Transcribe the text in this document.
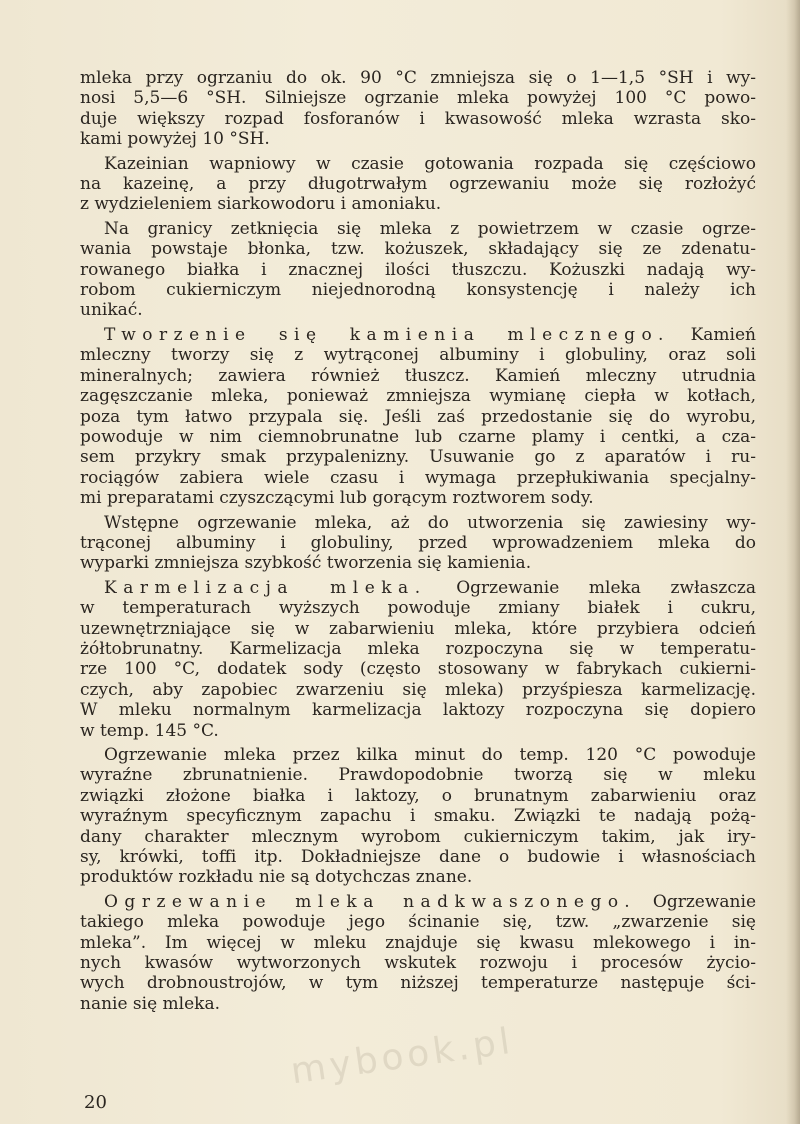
mleka przy ogrzaniu do ok. 90 °C zmniejsza się o 1—1,5 °SH i wy-
nosi 5,5—6 °SH. Silniejsze ogrzanie mleka powyżej 100 °C powo-
duje większy rozpad fosforanów i kwasowość mleka wzrasta sko-
kami powyżej 10 °SH.
Kazeinian wapniowy w czasie gotowania rozpada się częściowo
na kazeinę, a przy długotrwałym ogrzewaniu może się rozłożyć
z wydzieleniem siarkowodoru i amoniaku.
Na granicy zetknięcia się mleka z powietrzem w czasie ogrze-
wania powstaje błonka, tzw. kożuszek, składający się ze zdenatu-
rowanego białka i znacznej ilości tłuszczu. Kożuszki nadają wy-
robom cukierniczym niejednorodną konsystencję i należy ich
unikać.
Tworzenie się kamienia mlecznego. Kamień
mleczny tworzy się z wytrąconej albuminy i globuliny, oraz soli
mineralnych; zawiera również tłuszcz. Kamień mleczny utrudnia
zagęszczanie mleka, ponieważ zmniejsza wymianę ciepła w kotłach,
poza tym łatwo przypala się. Jeśli zaś przedostanie się do wyrobu,
powoduje w nim ciemnobrunatne lub czarne plamy i centki, a cza-
sem przykry smak przypalenizny. Usuwanie go z aparatów i ru-
rociągów zabiera wiele czasu i wymaga przepłukiwania specjalny-
mi preparatami czyszczącymi lub gorącym roztworem sody.
Wstępne ogrzewanie mleka, aż do utworzenia się zawiesiny wy-
trąconej albuminy i globuliny, przed wprowadzeniem mleka do
wyparki zmniejsza szybkość tworzenia się kamienia.
Karmelizacja mleka. Ogrzewanie mleka zwłaszcza
w temperaturach wyższych powoduje zmiany białek i cukru,
uzewnętrzniające się w zabarwieniu mleka, które przybiera odcień
żółtobrunatny. Karmelizacja mleka rozpoczyna się w temperatu-
rze 100 °C, dodatek sody (często stosowany w fabrykach cukierni-
czych, aby zapobiec zwarzeniu się mleka) przyśpiesza karmelizację.
W mleku normalnym karmelizacja laktozy rozpoczyna się dopiero
w temp. 145 °C.
Ogrzewanie mleka przez kilka minut do temp. 120 °C powoduje
wyraźne zbrunatnienie. Prawdopodobnie tworzą się w mleku
związki złożone białka i laktozy, o brunatnym zabarwieniu oraz
wyraźnym specyficznym zapachu i smaku. Związki te nadają pożą-
dany charakter mlecznym wyrobom cukierniczym takim, jak iry-
sy, krówki, toffi itp. Dokładniejsze dane o budowie i własnościach
produktów rozkładu nie są dotychczas znane.
Ogrzewanie mleka nadkwaszonego. Ogrzewanie
takiego mleka powoduje jego ścinanie się, tzw. „zwarzenie się
mleka”. Im więcej w mleku znajduje się kwasu mlekowego i in-
nych kwasów wytworzonych wskutek rozwoju i procesów życio-
wych drobnoustrojów, w tym niższej temperaturze następuje ści-
nanie się mleka.
mybook.pl
20
